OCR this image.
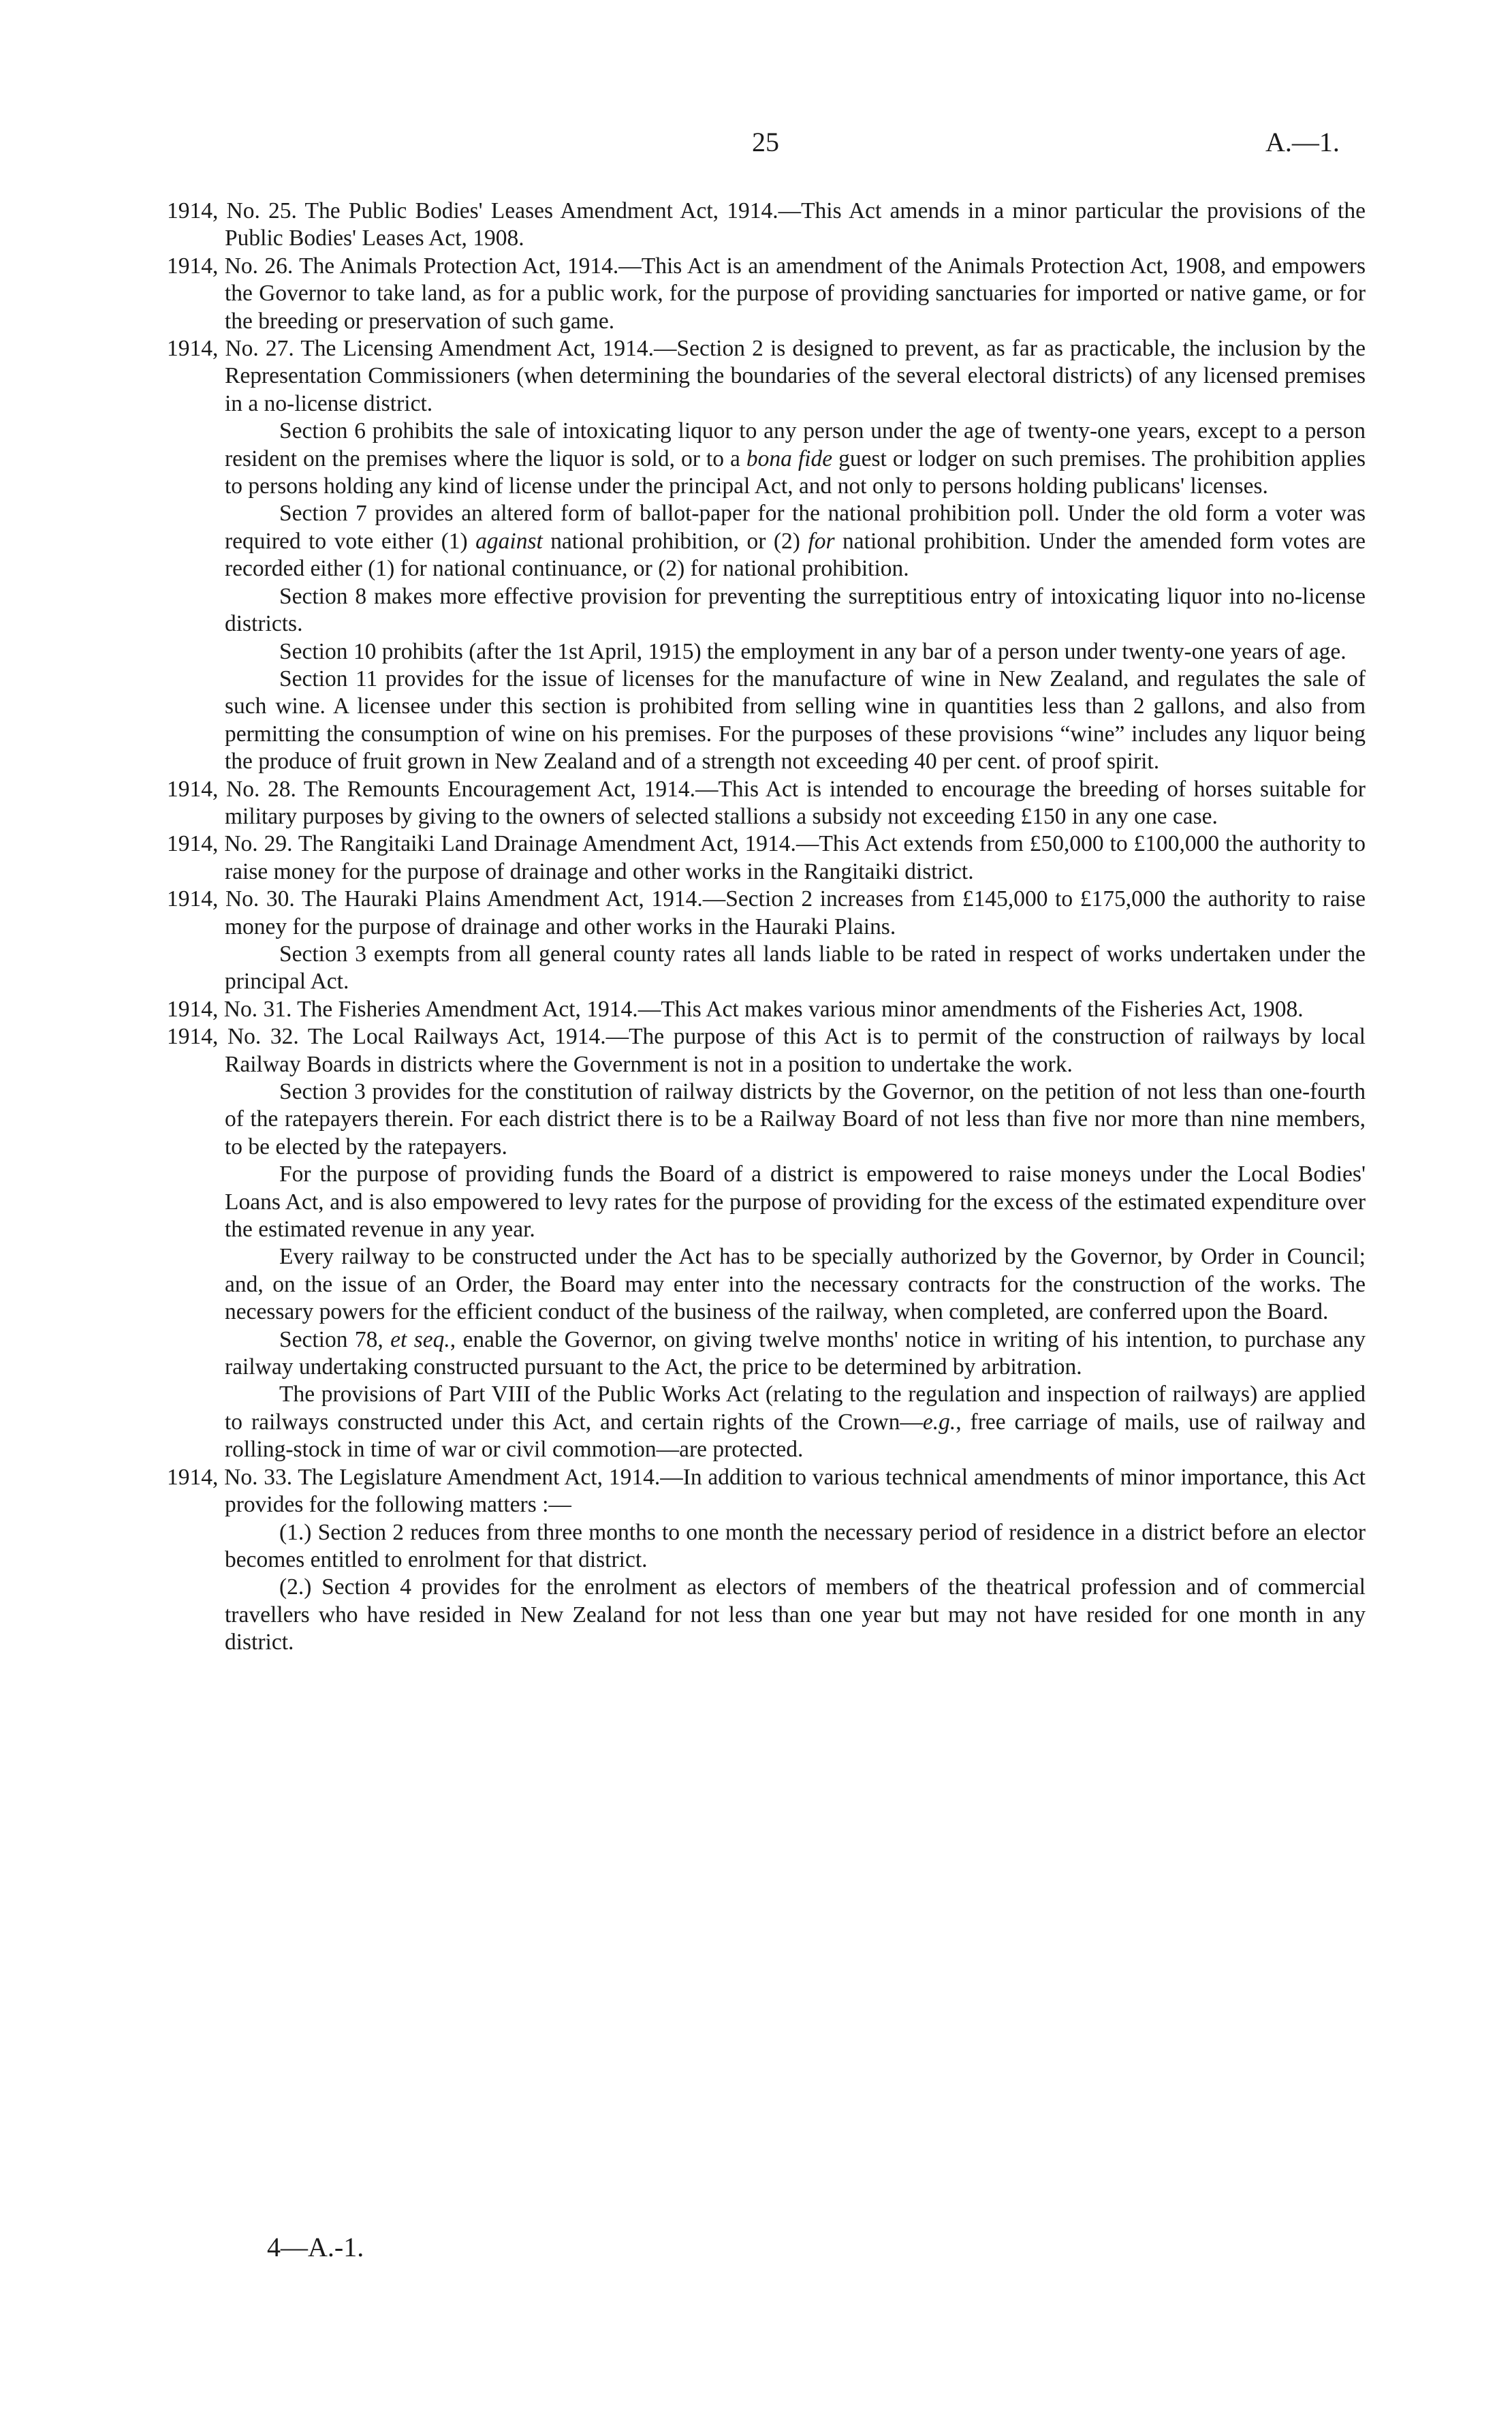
25	A.—1.

1914, No. 25. The Public Bodies' Leases Amendment Act, 1914.—This Act amends in a minor particular the provisions of the Public Bodies' Leases Act, 1908.

1914, No. 26. The Animals Protection Act, 1914.—This Act is an amendment of the Animals Protection Act, 1908, and empowers the Governor to take land, as for a public work, for the purpose of providing sanctuaries for imported or native game, or for the breeding or preservation of such game.

1914, No. 27. The Licensing Amendment Act, 1914.—Section 2 is designed to prevent, as far as practicable, the inclusion by the Representation Commissioners (when determining the boundaries of the several electoral districts) of any licensed premises in a no-license district.

Section 6 prohibits the sale of intoxicating liquor to any person under the age of twenty-one years, except to a person resident on the premises where the liquor is sold, or to a bona fide guest or lodger on such premises. The prohibition applies to persons holding any kind of license under the principal Act, and not only to persons holding publicans' licenses.

Section 7 provides an altered form of ballot-paper for the national prohibition poll. Under the old form a voter was required to vote either (1) against national prohibition, or (2) for national prohibition. Under the amended form votes are recorded either (1) for national continuance, or (2) for national prohibition.

Section 8 makes more effective provision for preventing the surreptitious entry of intoxicating liquor into no-license districts.

Section 10 prohibits (after the 1st April, 1915) the employment in any bar of a person under twenty-one years of age.

Section 11 provides for the issue of licenses for the manufacture of wine in New Zealand, and regulates the sale of such wine. A licensee under this section is prohibited from selling wine in quantities less than 2 gallons, and also from permitting the consumption of wine on his premises. For the purposes of these provisions “wine” includes any liquor being the produce of fruit grown in New Zealand and of a strength not exceeding 40 per cent. of proof spirit.

1914, No. 28. The Remounts Encouragement Act, 1914.—This Act is intended to encourage the breeding of horses suitable for military purposes by giving to the owners of selected stallions a subsidy not exceeding £150 in any one case.

1914, No. 29. The Rangitaiki Land Drainage Amendment Act, 1914.—This Act extends from £50,000 to £100,000 the authority to raise money for the purpose of drainage and other works in the Rangitaiki district.

1914, No. 30. The Hauraki Plains Amendment Act, 1914.—Section 2 increases from £145,000 to £175,000 the authority to raise money for the purpose of drainage and other works in the Hauraki Plains.

Section 3 exempts from all general county rates all lands liable to be rated in respect of works undertaken under the principal Act.

1914, No. 31. The Fisheries Amendment Act, 1914.—This Act makes various minor amendments of the Fisheries Act, 1908.

1914, No. 32. The Local Railways Act, 1914.—The purpose of this Act is to permit of the construction of railways by local Railway Boards in districts where the Government is not in a position to undertake the work.

Section 3 provides for the constitution of railway districts by the Governor, on the petition of not less than one-fourth of the ratepayers therein. For each district there is to be a Railway Board of not less than five nor more than nine members, to be elected by the ratepayers.

For the purpose of providing funds the Board of a district is empowered to raise moneys under the Local Bodies' Loans Act, and is also empowered to levy rates for the purpose of providing for the excess of the estimated expenditure over the estimated revenue in any year.

Every railway to be constructed under the Act has to be specially authorized by the Governor, by Order in Council; and, on the issue of an Order, the Board may enter into the necessary contracts for the construction of the works. The necessary powers for the efficient conduct of the business of the railway, when completed, are conferred upon the Board.

Section 78, et seq., enable the Governor, on giving twelve months' notice in writing of his intention, to purchase any railway undertaking constructed pursuant to the Act, the price to be determined by arbitration.

The provisions of Part VIII of the Public Works Act (relating to the regulation and inspection of railways) are applied to railways constructed under this Act, and certain rights of the Crown—e.g., free carriage of mails, use of railway and rolling-stock in time of war or civil commotion—are protected.

1914, No. 33. The Legislature Amendment Act, 1914.—In addition to various technical amendments of minor importance, this Act provides for the following matters :—

(1.) Section 2 reduces from three months to one month the necessary period of residence in a district before an elector becomes entitled to enrolment for that district.

(2.) Section 4 provides for the enrolment as electors of members of the theatrical profession and of commercial travellers who have resided in New Zealand for not less than one year but may not have resided for one month in any district.

4—A.-1.
